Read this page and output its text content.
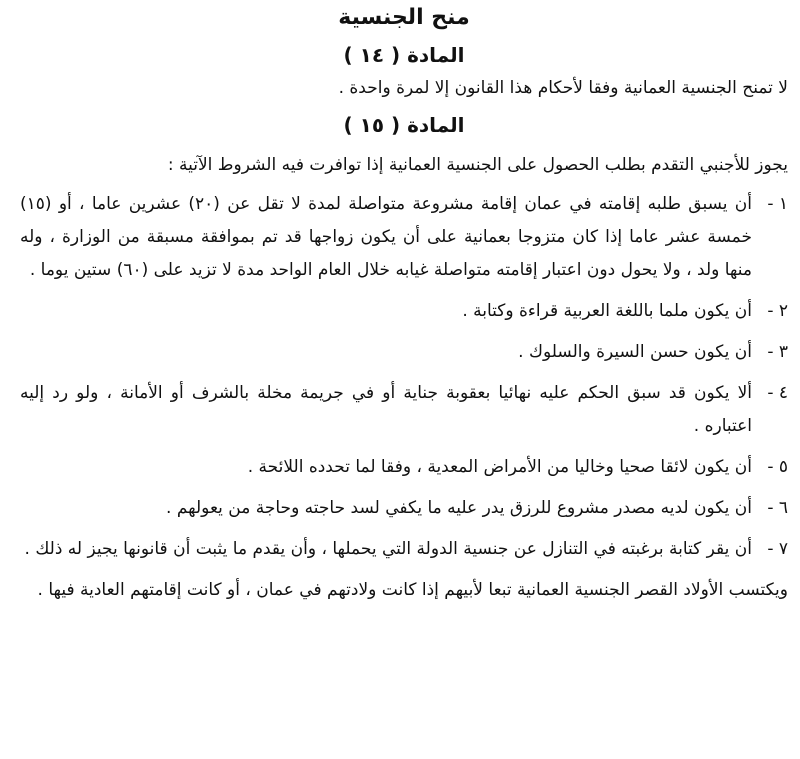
منح الجنسية
المادة ( ١٤ )
لا تمنح الجنسية العمانية وفقا لأحكام هذا القانون إلا لمرة واحدة .
المادة ( ١٥ )
يجوز للأجنبي التقدم بطلب الحصول على الجنسية العمانية إذا توافرت فيه الشروط الآتية :
١ -
أن يسبق طلبه إقامته في عمان إقامة مشروعة متواصلة لمدة لا تقل عن (٢٠) عشرين عاما ، أو (١٥) خمسة عشر عاما إذا كان متزوجا بعمانية على أن يكون زواجها قد تم بموافقة مسبقة من الوزارة ، وله منها ولد ، ولا يحول دون اعتبار إقامته متواصلة غيابه خلال العام الواحد مدة لا تزيد على (٦٠) ستين يوما .
٢ -
أن يكون ملما باللغة العربية قراءة وكتابة .
٣ -
أن يكون حسن السيرة والسلوك .
٤ -
ألا يكون قد سبق الحكم عليه نهائيا بعقوبة جناية أو في جريمة مخلة بالشرف أو الأمانة ، ولو رد إليه اعتباره .
٥ -
أن يكون لائقا صحيا وخاليا من الأمراض المعدية ، وفقا لما تحدده اللائحة .
٦ -
أن يكون لديه مصدر مشروع للرزق يدر عليه ما يكفي لسد حاجته وحاجة من يعولهم .
٧ -
أن يقر كتابة برغبته في التنازل عن جنسية الدولة التي يحملها ، وأن يقدم ما يثبت أن قانونها يجيز له ذلك .
ويكتسب الأولاد القصر الجنسية العمانية تبعا لأبيهم إذا كانت ولادتهم في عمان ، أو كانت إقامتهم العادية فيها .
